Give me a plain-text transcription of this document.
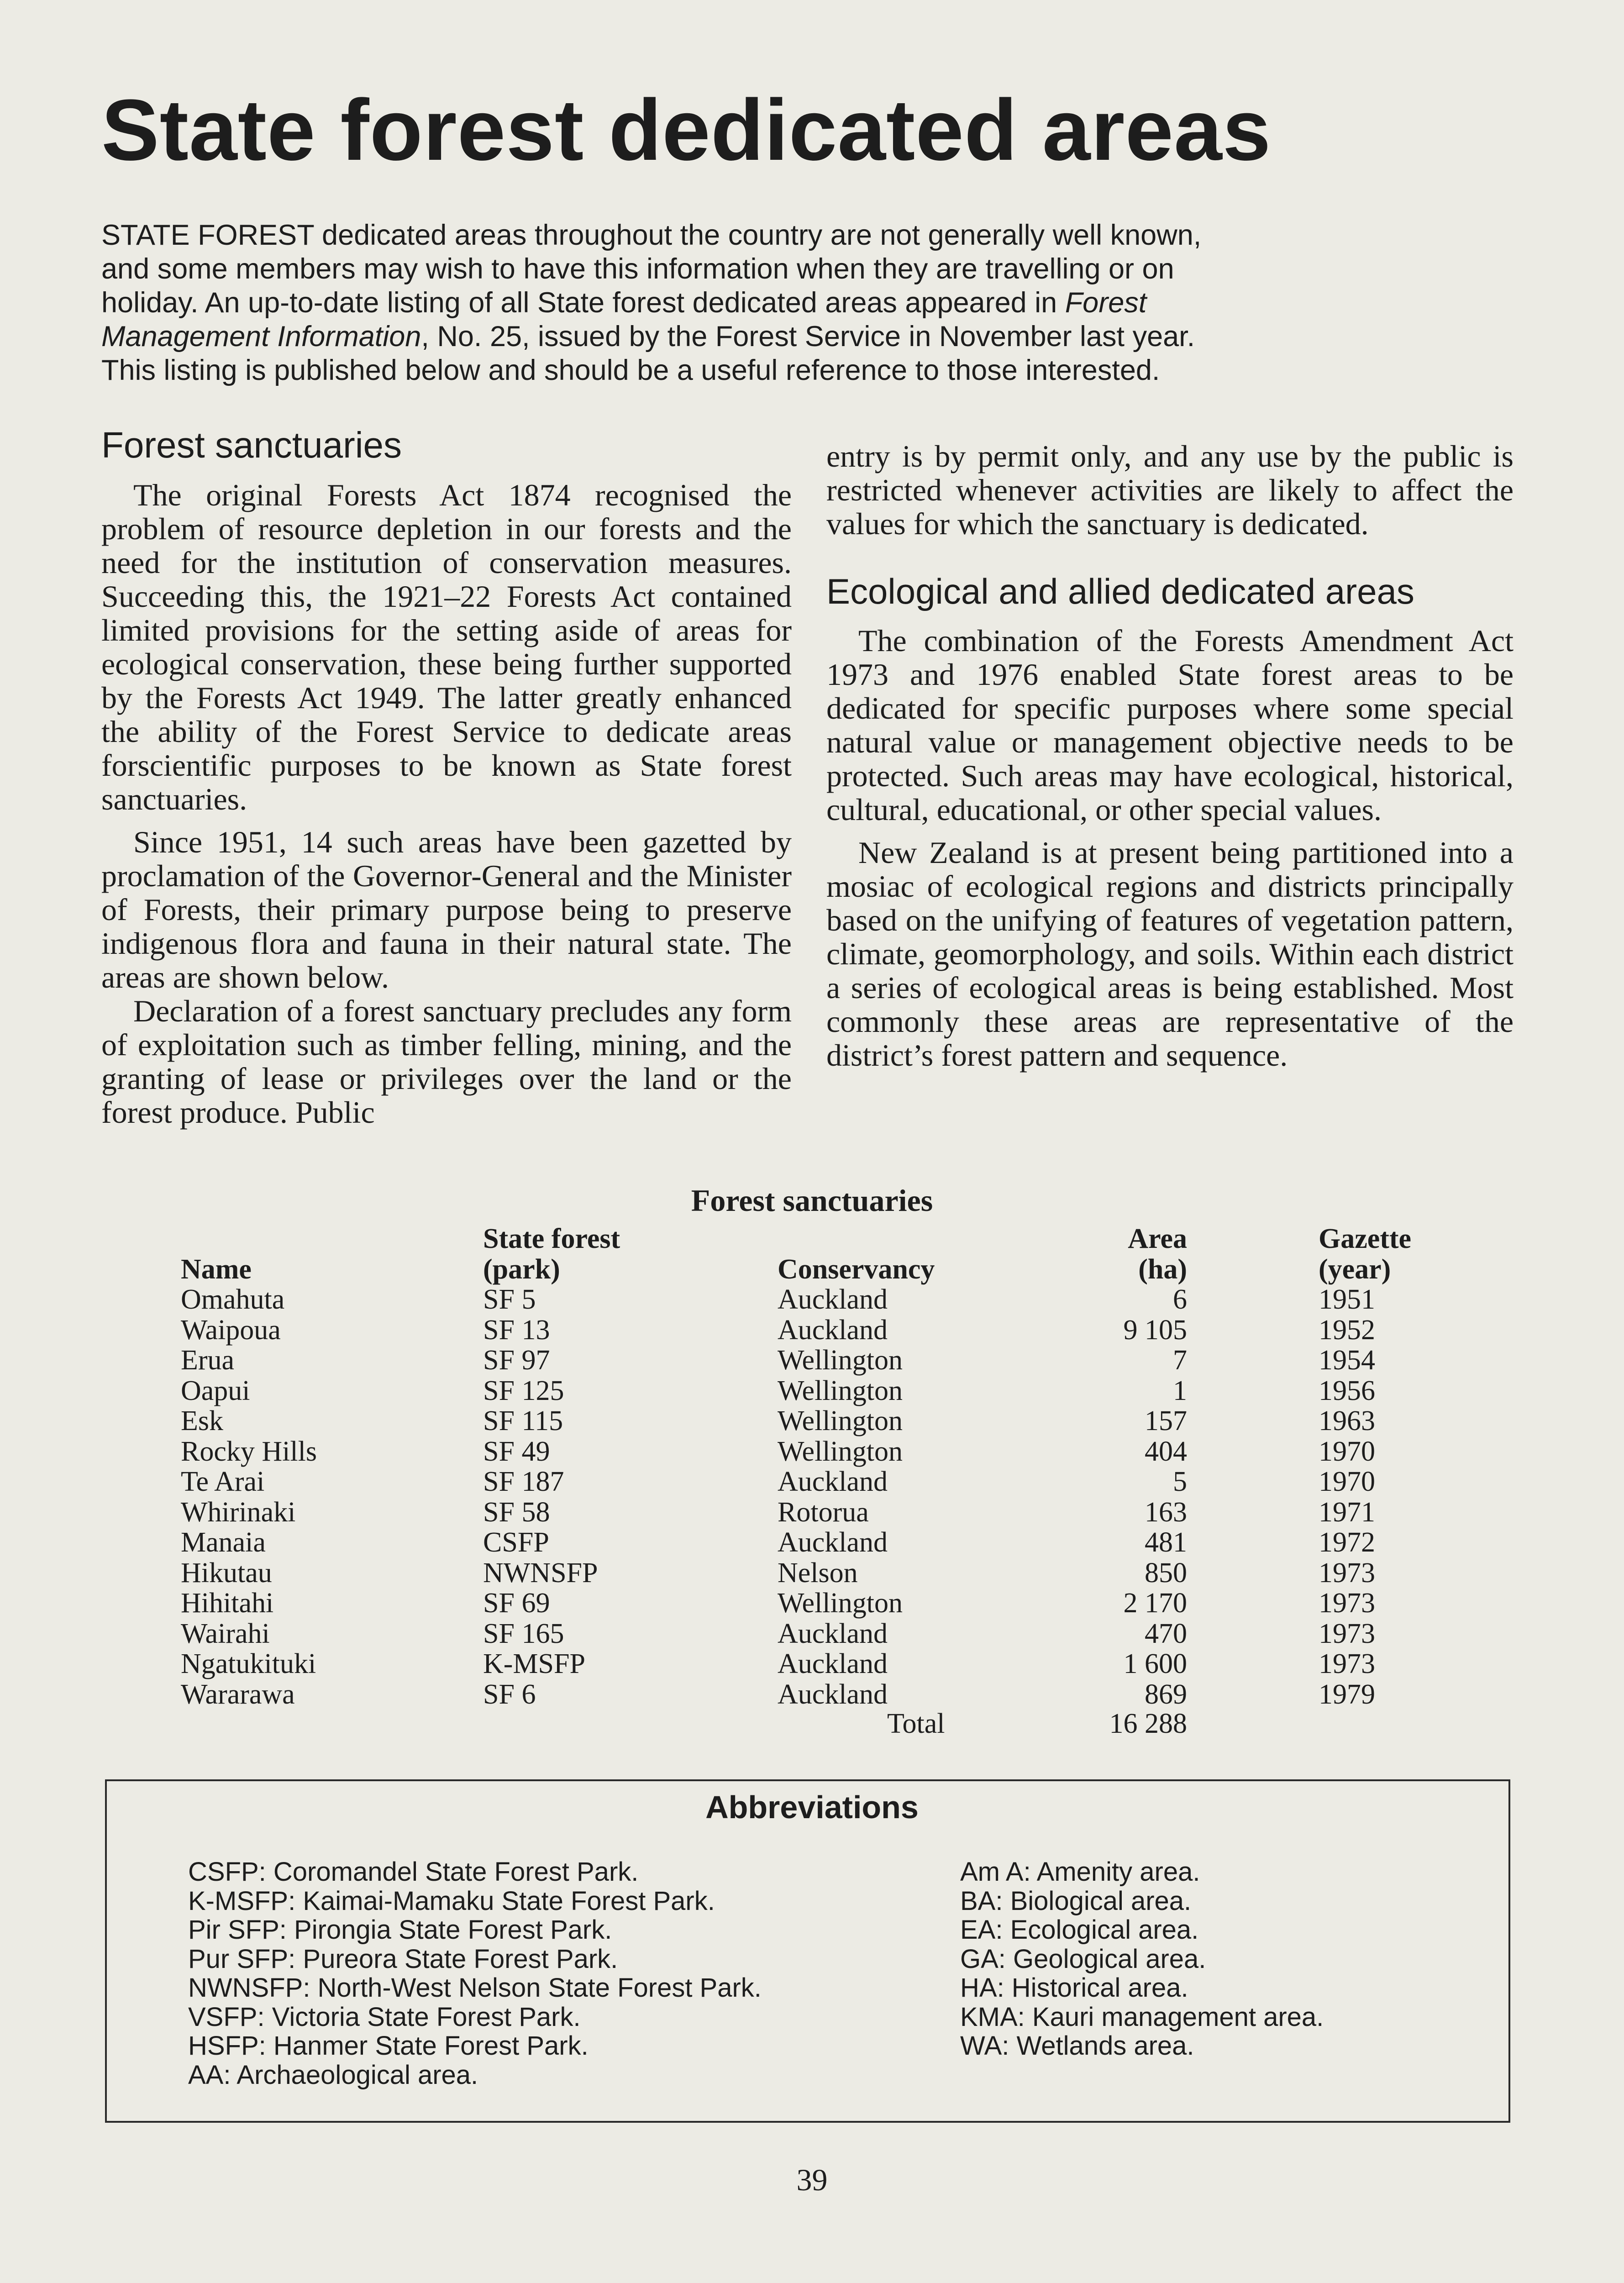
State forest dedicated areas
STATE FOREST dedicated areas throughout the country are not generally well known, and some members may wish to have this information when they are travelling or on holiday. An up-to-date listing of all State forest dedicated areas appeared in Forest Management Information, No. 25, issued by the Forest Service in November last year. This listing is published below and should be a useful reference to those interested.
Forest sanctuaries

The original Forests Act 1874 recognised the problem of resource depletion in our forests and the need for the institution of conservation measures. Succeeding this, the 1921–22 Forests Act contained limited provisions for the setting aside of areas for ecological conservation, these being further supported by the Forests Act 1949. The latter greatly enhanced the ability of the Forest Service to dedicate areas forscientific purposes to be known as State forest sanctuaries.

Since 1951, 14 such areas have been gazetted by proclamation of the Governor-General and the Minister of Forests, their primary purpose being to preserve indigenous flora and fauna in their natural state. The areas are shown below.

Declaration of a forest sanctuary precludes any form of exploitation such as timber felling, mining, and the granting of lease or privileges over the land or the forest produce. Public

entry is by permit only, and any use by the public is restricted whenever activities are likely to affect the values for which the sanctuary is dedicated.

Ecological and allied dedicated areas

The combination of the Forests Amendment Act 1973 and 1976 enabled State forest areas to be dedicated for specific purposes where some special natural value or management objective needs to be protected. Such areas may have ecological, historical, cultural, educational, or other special values.

New Zealand is at present being partitioned into a mosiac of ecological regions and districts principally based on the unifying of features of vegetation pattern, climate, geomorphology, and soils. Within each district a series of ecological areas is being established. Most commonly these areas are representative of the district’s forest pattern and sequence.

Forest sanctuaries

Name
Omahuta
Waipoua
Erua
Oapui
Esk
Rocky Hills
Te Arai
Whirinaki
Manaia
Hikutau
Hihitahi
Wairahi
Ngatukituki
Wararawa
State forest
(park)
SF 5
SF 13
SF 97
SF 125
SF 115
SF 49
SF 187
SF 58
CSFP
NWNSFP
SF 69
SF 165
K-MSFP
SF 6

Conservancy
Auckland
Auckland
Wellington
Wellington
Wellington
Wellington
Auckland
Rotorua
Auckland
Nelson
Wellington
Auckland
Auckland
Auckland
Area
(ha)
6
9 105
7
1
157
404
5
163
481
850
2 170
470
1 600
869
Gazette
(year)
1951
1952
1954
1956
1963
1970
1970
1971
1972
1973
1973
1973
1973
1979
Total	16 288
Abbreviations
CSFP: Coromandel State Forest Park.
K-MSFP: Kaimai-Mamaku State Forest Park.
Pir SFP: Pirongia State Forest Park.
Pur SFP: Pureora State Forest Park.
NWNSFP: North-West Nelson State Forest Park.
VSFP: Victoria State Forest Park.
HSFP: Hanmer State Forest Park.
AA: Archaeological area.
Am A: Amenity area.
BA: Biological area.
EA: Ecological area.
GA: Geological area.
HA: Historical area.
KMA: Kauri management area.
WA: Wetlands area.
39
